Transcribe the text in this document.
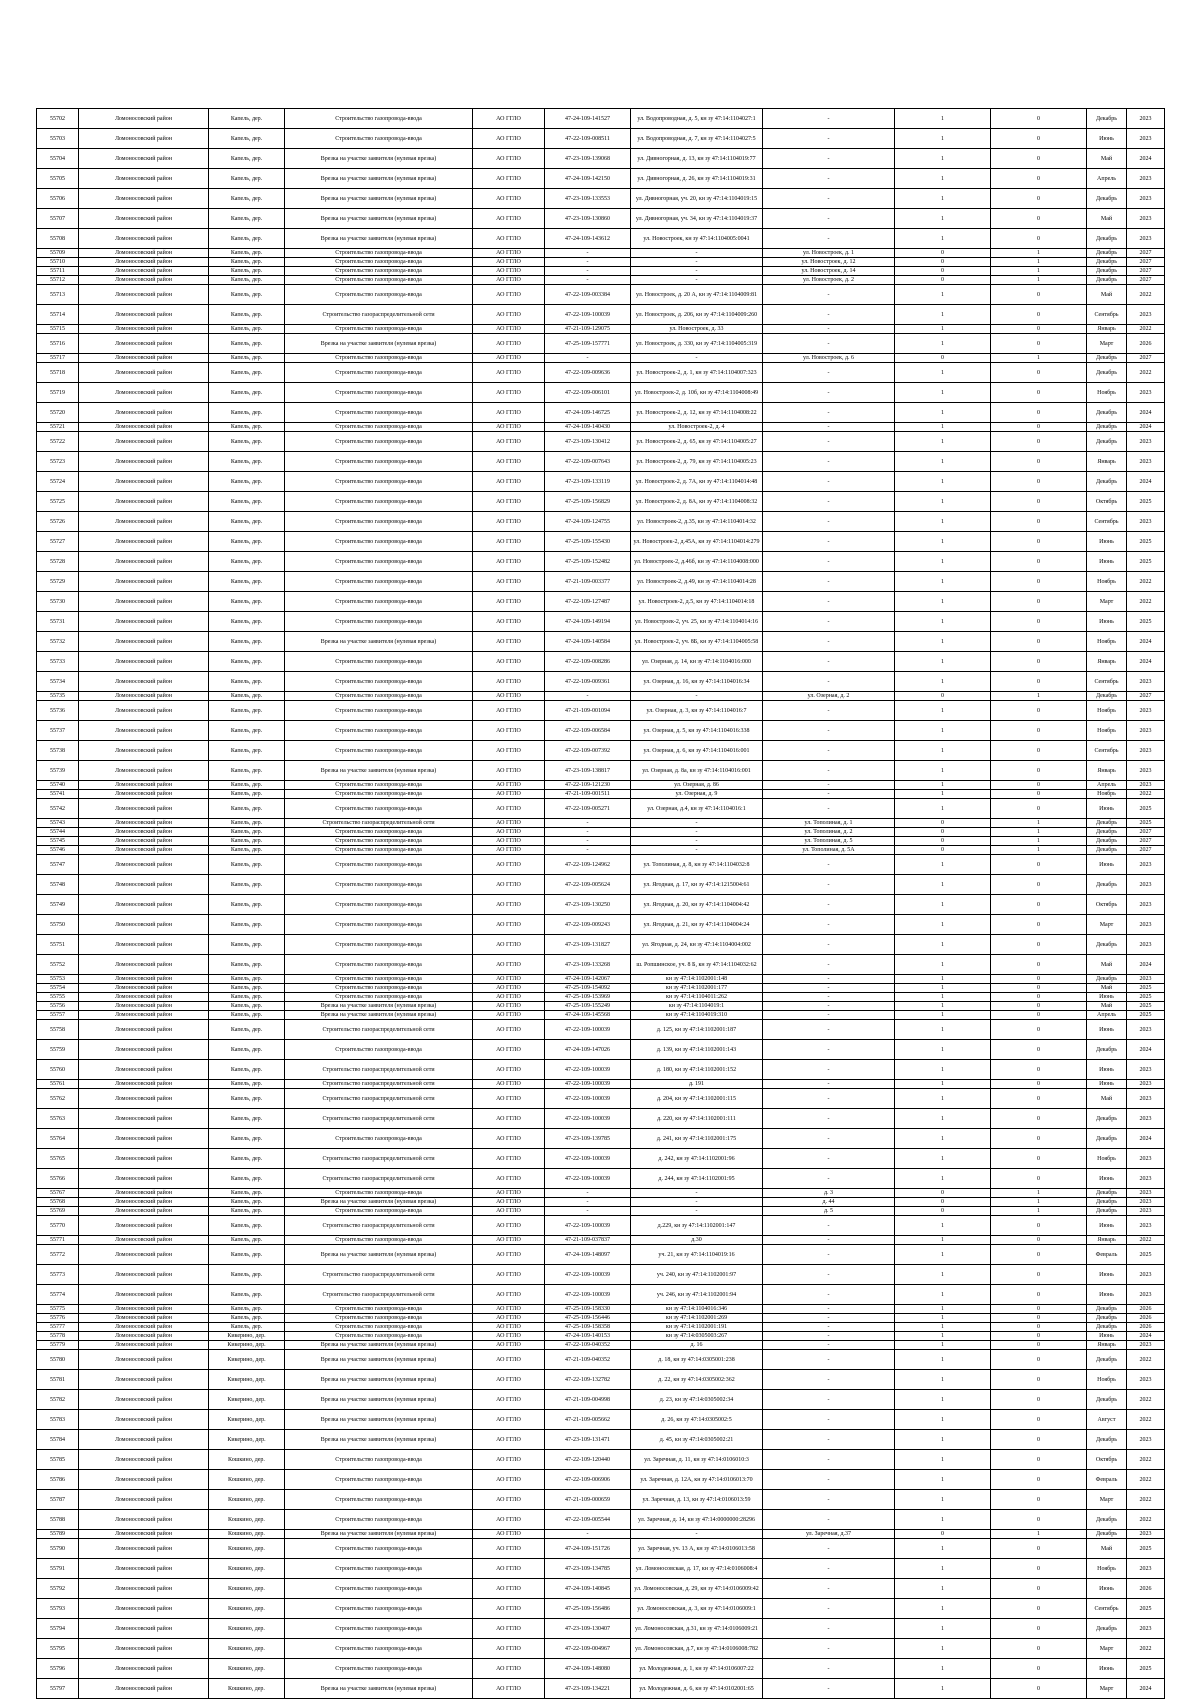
55702	Ломоносовский район	Капель, дер.	Строительство газопровода-ввода	АО ГГЛО	47-24-109-141527	ул. Водопроводная, д. 5, кн зу 47:14:1104027:1	-	1	0	Декабрь	2023
55703	Ломоносовский район	Капель, дер.	Строительство газопровода-ввода	АО ГГЛО	47-22-109-008511	ул. Водопроводная, д. 7, кн зу 47:14:1104027:5	-	1	0	Июнь	2023
55704	Ломоносовский район	Капель, дер.	Врезка на участке заявителя (нулевая врезка)	АО ГГЛО	47-23-109-139068	ул. Дивногорная, д. 13, кн зу 47:14:1104019:77	-	1	0	Май	2024
55705	Ломоносовский район	Капель, дер.	Врезка на участке заявителя (нулевая врезка)	АО ГГЛО	47-24-109-142150	ул. Дивногорная, д. 26, кн зу 47:14:1104019:31	-	1	0	Апрель	2023
55706	Ломоносовский район	Капель, дер.	Врезка на участке заявителя (нулевая врезка)	АО ГГЛО	47-23-109-133553	ул. Дивногорная, уч. 20, кн зу 47:14:1104019:15	-	1	0	Декабрь	2023
55707	Ломоносовский район	Капель, дер.	Врезка на участке заявителя (нулевая врезка)	АО ГГЛО	47-23-109-130860	ул. Дивногорная, уч. 34, кн зу 47:14:1104019:37	-	1	0	Май	2023
55708	Ломоносовский район	Капель, дер.	Врезка на участке заявителя (нулевая врезка)	АО ГГЛО	47-24-109-143612	ул. Новостроек, кн зу 47:14:1104005:0041	-	1	0	Декабрь	2023
55709	Ломоносовский район	Капель, дер.	Строительство газопровода-ввода	АО ГГЛО	-	-	ул. Новостроек, д. 1	0	1	Декабрь	2027
55710	Ломоносовский район	Капель, дер.	Строительство газопровода-ввода	АО ГГЛО	-	-	ул. Новостроек, д. 12	0	1	Декабрь	2027
55711	Ломоносовский район	Капель, дер.	Строительство газопровода-ввода	АО ГГЛО	-	-	ул. Новостроек, д. 14	0	1	Декабрь	2027
55712	Ломоносовский район	Капель, дер.	Строительство газопровода-ввода	АО ГГЛО	-	-	ул. Новостроек, д. 2	0	1	Декабрь	2027
55713	Ломоносовский район	Капель, дер.	Строительство газопровода-ввода	АО ГГЛО	47-22-109-003384	ул. Новостроек, д. 20 А, кн зу 47:14:1104009:81	-	1	0	Май	2022
55714	Ломоносовский район	Капель, дер.	Строительство газораспределительной сети	АО ГГЛО	47-22-109-100039	ул. Новостроек, д. 206, кн зу 47:14:1104009:260	-	1	0	Сентябрь	2023
55715	Ломоносовский район	Капель, дер.	Строительство газопровода-ввода	АО ГГЛО	47-21-109-129075	ул. Новостроек, д. 33	-	1	0	Январь	2022
55716	Ломоносовский район	Капель, дер.	Врезка на участке заявителя (нулевая врезка)	АО ГГЛО	47-25-109-157771	ул. Новостроек, д. 330, кн зу 47:14:1104005:319	-	1	0	Март	2026
55717	Ломоносовский район	Капель, дер.	Строительство газопровода-ввода	АО ГГЛО	-	-	ул. Новостроек, д. 6	0	1	Декабрь	2027
55718	Ломоносовский район	Капель, дер.	Строительство газопровода-ввода	АО ГГЛО	47-22-109-009636	ул. Новостроек-2, д. 1, кн зу 47:14:1104007:323	-	1	0	Декабрь	2022
55719	Ломоносовский район	Капель, дер.	Строительство газопровода-ввода	АО ГГЛО	47-22-109-006101	ул. Новостроек-2, д. 10б, кн зу 47:14:1104008:49	-	1	0	Ноябрь	2023
55720	Ломоносовский район	Капель, дер.	Строительство газопровода-ввода	АО ГГЛО	47-24-109-146725	ул. Новостроек-2, д. 12, кн зу 47:14:1104008:22	-	1	0	Декабрь	2024
55721	Ломоносовский район	Капель, дер.	Строительство газопровода-ввода	АО ГГЛО	47-24-109-140430	ул. Новостроек-2, д. 4	-	1	0	Декабрь	2024
55722	Ломоносовский район	Капель, дер.	Строительство газопровода-ввода	АО ГГЛО	47-23-109-130412	ул. Новостроек-2, д. 65, кн зу 47:14:1104005:27	-	1	0	Декабрь	2023
55723	Ломоносовский район	Капель, дер.	Строительство газопровода-ввода	АО ГГЛО	47-22-109-007643	ул. Новостроек-2, д. 79, кн зу 47:14:1104005:23	-	1	0	Январь	2023
55724	Ломоносовский район	Капель, дер.	Строительство газопровода-ввода	АО ГГЛО	47-23-109-133119	ул. Новостроек-2, д. 7А, кн зу 47:14:1104014:48	-	1	0	Декабрь	2024
55725	Ломоносовский район	Капель, дер.	Строительство газопровода-ввода	АО ГГЛО	47-25-109-156829	ул. Новостроек-2, д. 8А, кн зу 47:14:1104008:32	-	1	0	Октябрь	2025
55726	Ломоносовский район	Капель, дер.	Строительство газопровода-ввода	АО ГГЛО	47-24-109-124755	ул. Новостроек-2, д.35, кн зу 47:14:1104014:32	-	1	0	Сентябрь	2023
55727	Ломоносовский район	Капель, дер.	Строительство газопровода-ввода	АО ГГЛО	47-25-109-155430	ул. Новостроек-2, д.45А, кн зу 47:14:1104014:279	-	1	0	Июнь	2025
55728	Ломоносовский район	Капель, дер.	Строительство газопровода-ввода	АО ГГЛО	47-25-109-152482	ул. Новостроек-2, д.46б, кн зу 47:14:1104008:000	-	1	0	Июнь	2025
55729	Ломоносовский район	Капель, дер.	Строительство газопровода-ввода	АО ГГЛО	47-21-109-003377	ул. Новостроек-2, д.49, кн зу 47:14:1104014:28	-	1	0	Ноябрь	2022
55730	Ломоносовский район	Капель, дер.	Строительство газопровода-ввода	АО ГГЛО	47-22-109-127487	ул. Новостроек-2, д.5, кн зу 47:14:1104014:18	-	1	0	Март	2022
55731	Ломоносовский район	Капель, дер.	Строительство газопровода-ввода	АО ГГЛО	47-24-109-149194	ул. Новостроек-2, уч. 25, кн зу 47:14:1104014:16	-	1	0	Июнь	2025
55732	Ломоносовский район	Капель, дер.	Врезка на участке заявителя (нулевая врезка)	АО ГГЛО	47-24-109-140584	ул. Новостроек-2, уч. 8Б, кн зу 47:14:1104005:58	-	1	0	Ноябрь	2024
55733	Ломоносовский район	Капель, дер.	Строительство газопровода-ввода	АО ГГЛО	47-22-109-008286	ул. Озерная, д. 14, кн зу 47:14:1104016:000	-	1	0	Январь	2024
55734	Ломоносовский район	Капель, дер.	Строительство газопровода-ввода	АО ГГЛО	47-22-109-009361	ул. Озерная, д. 16, кн зу 47:14:1104016:34	-	1	0	Сентябрь	2023
55735	Ломоносовский район	Капель, дер.	Строительство газопровода-ввода	АО ГГЛО	-	-	ул. Озерная, д. 2	0	1	Декабрь	2027
55736	Ломоносовский район	Капель, дер.	Строительство газопровода-ввода	АО ГГЛО	47-21-109-001094	ул. Озерная, д. 3, кн зу 47:14:1104016:7	-	1	0	Ноябрь	2023
55737	Ломоносовский район	Капель, дер.	Строительство газопровода-ввода	АО ГГЛО	47-22-109-006584	ул. Озерная, д. 5, кн зу 47:14:1104016:338	-	1	0	Ноябрь	2023
55738	Ломоносовский район	Капель, дер.	Строительство газопровода-ввода	АО ГГЛО	47-22-109-007392	ул. Озерная, д. 6, кн зу 47:14:1104016:001	-	1	0	Сентябрь	2023
55739	Ломоносовский район	Капель, дер.	Врезка на участке заявителя (нулевая врезка)	АО ГГЛО	47-23-109-138817	ул. Озерная, д. 8а, кн зу 47:14:1104016:001	-	1	0	Январь	2023
55740	Ломоносовский район	Капель, дер.	Строительство газопровода-ввода	АО ГГЛО	47-22-109-121230	ул. Озерная, д. 86	-	1	0	Апрель	2023
55741	Ломоносовский район	Капель, дер.	Строительство газопровода-ввода	АО ГГЛО	47-21-109-001511	ул. Озерная, д. 9	-	1	0	Ноябрь	2022
55742	Ломоносовский район	Капель, дер.	Строительство газопровода-ввода	АО ГГЛО	47-22-109-005271	ул. Озерная, д.4, кн зу 47:14:1104016:1	-	1	0	Июнь	2025
55743	Ломоносовский район	Капель, дер.	Строительство газораспределительной сети	АО ГГЛО	-	-	ул. Тополиная, д. 1	0	1	Декабрь	2025
55744	Ломоносовский район	Капель, дер.	Строительство газопровода-ввода	АО ГГЛО	-	-	ул. Тополиная, д. 2	0	1	Декабрь	2027
55745	Ломоносовский район	Капель, дер.	Строительство газопровода-ввода	АО ГГЛО	-	-	ул. Тополиная, д. 5	0	1	Декабрь	2027
55746	Ломоносовский район	Капель, дер.	Строительство газопровода-ввода	АО ГГЛО	-	-	ул. Тополиная, д. 5А	0	1	Декабрь	2027
55747	Ломоносовский район	Капель, дер.	Строительство газопровода-ввода	АО ГГЛО	47-22-109-124962	ул. Тополиная, д. 8, кн зу 47:14:1104032:8	-	1	0	Июнь	2023
55748	Ломоносовский район	Капель, дер.	Строительство газопровода-ввода	АО ГГЛО	47-22-109-005624	ул. Ягодная, д. 17, кн зу 47:14:1215004:61	-	1	0	Декабрь	2023
55749	Ломоносовский район	Капель, дер.	Строительство газопровода-ввода	АО ГГЛО	47-23-109-130250	ул. Ягодная, д. 20, кн зу 47:14:1104004:42	-	1	0	Октябрь	2023
55750	Ломоносовский район	Капель, дер.	Строительство газопровода-ввода	АО ГГЛО	47-22-109-009243	ул. Ягодная, д. 21, кн зу 47:14:1104004:24	-	1	0	Март	2023
55751	Ломоносовский район	Капель, дер.	Строительство газопровода-ввода	АО ГГЛО	47-23-109-131827	ул. Ягодная, д. 24, кн зу 47:14:1104004:002	-	1	0	Декабрь	2023
55752	Ломоносовский район	Капель, дер.	Строительство газопровода-ввода	АО ГГЛО	47-23-109-133268	ш. Ропшинское, уч. 8 Б, кн зу 47:14:1104032:62	-	1	0	Май	2024
55753	Ломоносовский район	Капель, дер.	Строительство газопровода-ввода	АО ГГЛО	47-24-109-142067	кн зу 47:14:1102001:148	-	1	0	Декабрь	2023
55754	Ломоносовский район	Капель, дер.	Строительство газопровода-ввода	АО ГГЛО	47-25-109-154092	кн зу 47:14:1102001:177	-	1	0	Май	2025
55755	Ломоносовский район	Капель, дер.	Строительство газопровода-ввода	АО ГГЛО	47-25-109-153969	кн зу 47:14:1104011:262	-	1	0	Июнь	2025
55756	Ломоносовский район	Капель, дер.	Врезка на участке заявителя (нулевая врезка)	АО ГГЛО	47-25-109-155249	кн зу 47:14:1104019:1	-	1	0	Май	2025
55757	Ломоносовский район	Капель, дер.	Врезка на участке заявителя (нулевая врезка)	АО ГГЛО	47-24-109-145568	кн зу 47:14:1104019:310	-	1	0	Апрель	2025
55758	Ломоносовский район	Капель, дер.	Строительство газораспределительной сети	АО ГГЛО	47-22-109-100039	д. 125, кн зу 47:14:1102001:187	-	1	0	Июнь	2023
55759	Ломоносовский район	Капель, дер.	Строительство газопровода-ввода	АО ГГЛО	47-24-109-147026	д. 139, кн зу 47:14:1102001:143	-	1	0	Декабрь	2024
55760	Ломоносовский район	Капель, дер.	Строительство газораспределительной сети	АО ГГЛО	47-22-109-100039	д. 180, кн зу 47:14:1102001:152	-	1	0	Июнь	2023
55761	Ломоносовский район	Капель, дер.	Строительство газораспределительной сети	АО ГГЛО	47-22-109-100039	д. 191	-	1	0	Июнь	2023
55762	Ломоносовский район	Капель, дер.	Строительство газораспределительной сети	АО ГГЛО	47-22-109-100039	д. 204, кн зу 47:14:1102001:115	-	1	0	Май	2023
55763	Ломоносовский район	Капель, дер.	Строительство газораспределительной сети	АО ГГЛО	47-22-109-100039	д. 220, кн зу 47:14:1102001:111	-	1	0	Декабрь	2023
55764	Ломоносовский район	Капель, дер.	Строительство газопровода-ввода	АО ГГЛО	47-23-109-139785	д. 241, кн зу 47:14:1102001:175	-	1	0	Декабрь	2024
55765	Ломоносовский район	Капель, дер.	Строительство газораспределительной сети	АО ГГЛО	47-22-109-100039	д. 242, кн зу 47:14:1102001:96	-	1	0	Ноябрь	2023
55766	Ломоносовский район	Капель, дер.	Строительство газораспределительной сети	АО ГГЛО	47-22-109-100039	д. 244, кн зу 47:14:1102001:95	-	1	0	Июнь	2023
55767	Ломоносовский район	Капель, дер.	Строительство газопровода-ввода	АО ГГЛО	-	-	д. 3	0	1	Декабрь	2023
55768	Ломоносовский район	Капель, дер.	Врезка на участке заявителя (нулевая врезка)	АО ГГЛО	-	-	д. 44	0	1	Декабрь	2023
55769	Ломоносовский район	Капель, дер.	Строительство газопровода-ввода	АО ГГЛО	-	-	д. 5	0	1	Декабрь	2023
55770	Ломоносовский район	Капель, дер.	Строительство газораспределительной сети	АО ГГЛО	47-22-109-100039	д.229, кн зу 47:14:1102001:147	-	1	0	Июнь	2023
55771	Ломоносовский район	Капель, дер.	Строительство газопровода-ввода	АО ГГЛО	47-21-109-037837	д.30	-	1	0	Январь	2022
55772	Ломоносовский район	Капель, дер.	Врезка на участке заявителя (нулевая врезка)	АО ГГЛО	47-24-109-148097	уч. 21, кн зу 47:14:1104019:16	-	1	0	Февраль	2025
55773	Ломоносовский район	Капель, дер.	Строительство газораспределительной сети	АО ГГЛО	47-22-109-100039	уч. 240, кн зу 47:14:1102001:97	-	1	0	Июнь	2023
55774	Ломоносовский район	Капель, дер.	Строительство газораспределительной сети	АО ГГЛО	47-22-109-100039	уч. 246, кн зу 47:14:1102001:94	-	1	0	Июнь	2023
55775	Ломоносовский район	Капель, дер.	Строительство газопровода-ввода	АО ГГЛО	47-25-109-158330	кн зу 47:14:1104016:346	-	1	0	Декабрь	2026
55776	Ломоносовский район	Капель, дер.	Строительство газопровода-ввода	АО ГГЛО	47-25-109-156446	кн зу 47:14:1102001:269	-	1	0	Декабрь	2026
55777	Ломоносовский район	Капель, дер.	Строительство газопровода-ввода	АО ГГЛО	47-25-109-158358	кн зу 47:14:1102001:191	-	1	0	Декабрь	2026
55778	Ломоносовский район	Кикерино, дер.	Строительство газопровода-ввода	АО ГГЛО	47-24-109-140153	кн зу 47:14:0305003:267	-	1	0	Июнь	2024
55779	Ломоносовский район	Кикерино, дер.	Врезка на участке заявителя (нулевая врезка)	АО ГГЛО	47-22-109-040352	д. 16	-	1	0	Январь	2023
55780	Ломоносовский район	Кикерино, дер.	Врезка на участке заявителя (нулевая врезка)	АО ГГЛО	47-21-109-040352	д. 18, кн зу 47:14:0305001:238	-	1	0	Декабрь	2022
55781	Ломоносовский район	Кикерино, дер.	Врезка на участке заявителя (нулевая врезка)	АО ГГЛО	47-22-109-132782	д. 22, кн зу 47:14:0305002:362	-	1	0	Ноябрь	2023
55782	Ломоносовский район	Кикерино, дер.	Врезка на участке заявителя (нулевая врезка)	АО ГГЛО	47-21-109-004998	д. 23, кн зу 47:14:0305002:34	-	1	0	Декабрь	2022
55783	Ломоносовский район	Кикерино, дер.	Врезка на участке заявителя (нулевая врезка)	АО ГГЛО	47-21-109-005662	д. 26, кн зу 47:14:0305002:5	-	1	0	Август	2022
55784	Ломоносовский район	Кикерино, дер.	Врезка на участке заявителя (нулевая врезка)	АО ГГЛО	47-23-109-131471	д. 45, кн зу 47:14:0305002:21	-	1	0	Декабрь	2023
55785	Ломоносовский район	Кошкино, дер.	Строительство газопровода-ввода	АО ГГЛО	47-22-109-120440	ул. Заречная, д. 11, кн зу 47:14:0106010:3	-	1	0	Октябрь	2022
55786	Ломоносовский район	Кошкино, дер.	Строительство газопровода-ввода	АО ГГЛО	47-22-109-006906	ул. Заречная, д. 12А, кн зу 47:14:0106013:70	-	1	0	Февраль	2022
55787	Ломоносовский район	Кошкино, дер.	Строительство газопровода-ввода	АО ГГЛО	47-21-109-000659	ул. Заречная, д. 13, кн зу 47:14:0106013:59	-	1	0	Март	2022
55788	Ломоносовский район	Кошкино, дер.	Строительство газопровода-ввода	АО ГГЛО	47-22-109-005544	ул. Заречная, д. 14, кн зу 47:14:0000000:28296	-	1	0	Декабрь	2022
55789	Ломоносовский район	Кошкино, дер.	Врезка на участке заявителя (нулевая врезка)	АО ГГЛО	-	-	ул. Заречная, д.37	0	1	Декабрь	2023
55790	Ломоносовский район	Кошкино, дер.	Строительство газопровода-ввода	АО ГГЛО	47-24-109-151726	ул. Заречная, уч. 13 А, кн зу 47:14:0106013:58	-	1	0	Май	2025
55791	Ломоносовский район	Кошкино, дер.	Строительство газопровода-ввода	АО ГГЛО	47-23-109-134785	ул. Ломоносовская, д. 17, кн зу 47:14:0106008:4	-	1	0	Ноябрь	2023
55792	Ломоносовский район	Кошкино, дер.	Строительство газопровода-ввода	АО ГГЛО	47-24-109-140845	ул. Ломоносовская, д. 29, кн зу 47:14:0106009:42	-	1	0	Июнь	2026
55793	Ломоносовский район	Кошкино, дер.	Строительство газопровода-ввода	АО ГГЛО	47-25-109-156486	ул. Ломоносовская, д. 3, кн зу 47:14:0106009:1	-	1	0	Сентябрь	2025
55794	Ломоносовский район	Кошкино, дер.	Строительство газопровода-ввода	АО ГГЛО	47-23-109-130407	ул. Ломоносовская, д.31, кн зу 47:14:0106009:21	-	1	0	Декабрь	2023
55795	Ломоносовский район	Кошкино, дер.	Строительство газопровода-ввода	АО ГГЛО	47-22-109-004967	ул. Ломоносовская, д.7, кн зу 47:14:0106008:782	-	1	0	Март	2022
55796	Ломоносовский район	Кошкино, дер.	Строительство газопровода-ввода	АО ГГЛО	47-24-109-148080	ул. Молодежная, д. 1, кн зу 47:14:0106007:22	-	1	0	Июнь	2025
55797	Ломоносовский район	Кошкино, дер.	Врезка на участке заявителя (нулевая врезка)	АО ГГЛО	47-23-109-134221	ул. Молодежная, д. 6, кн зу 47:14:0102001:65	-	1	0	Март	2024
